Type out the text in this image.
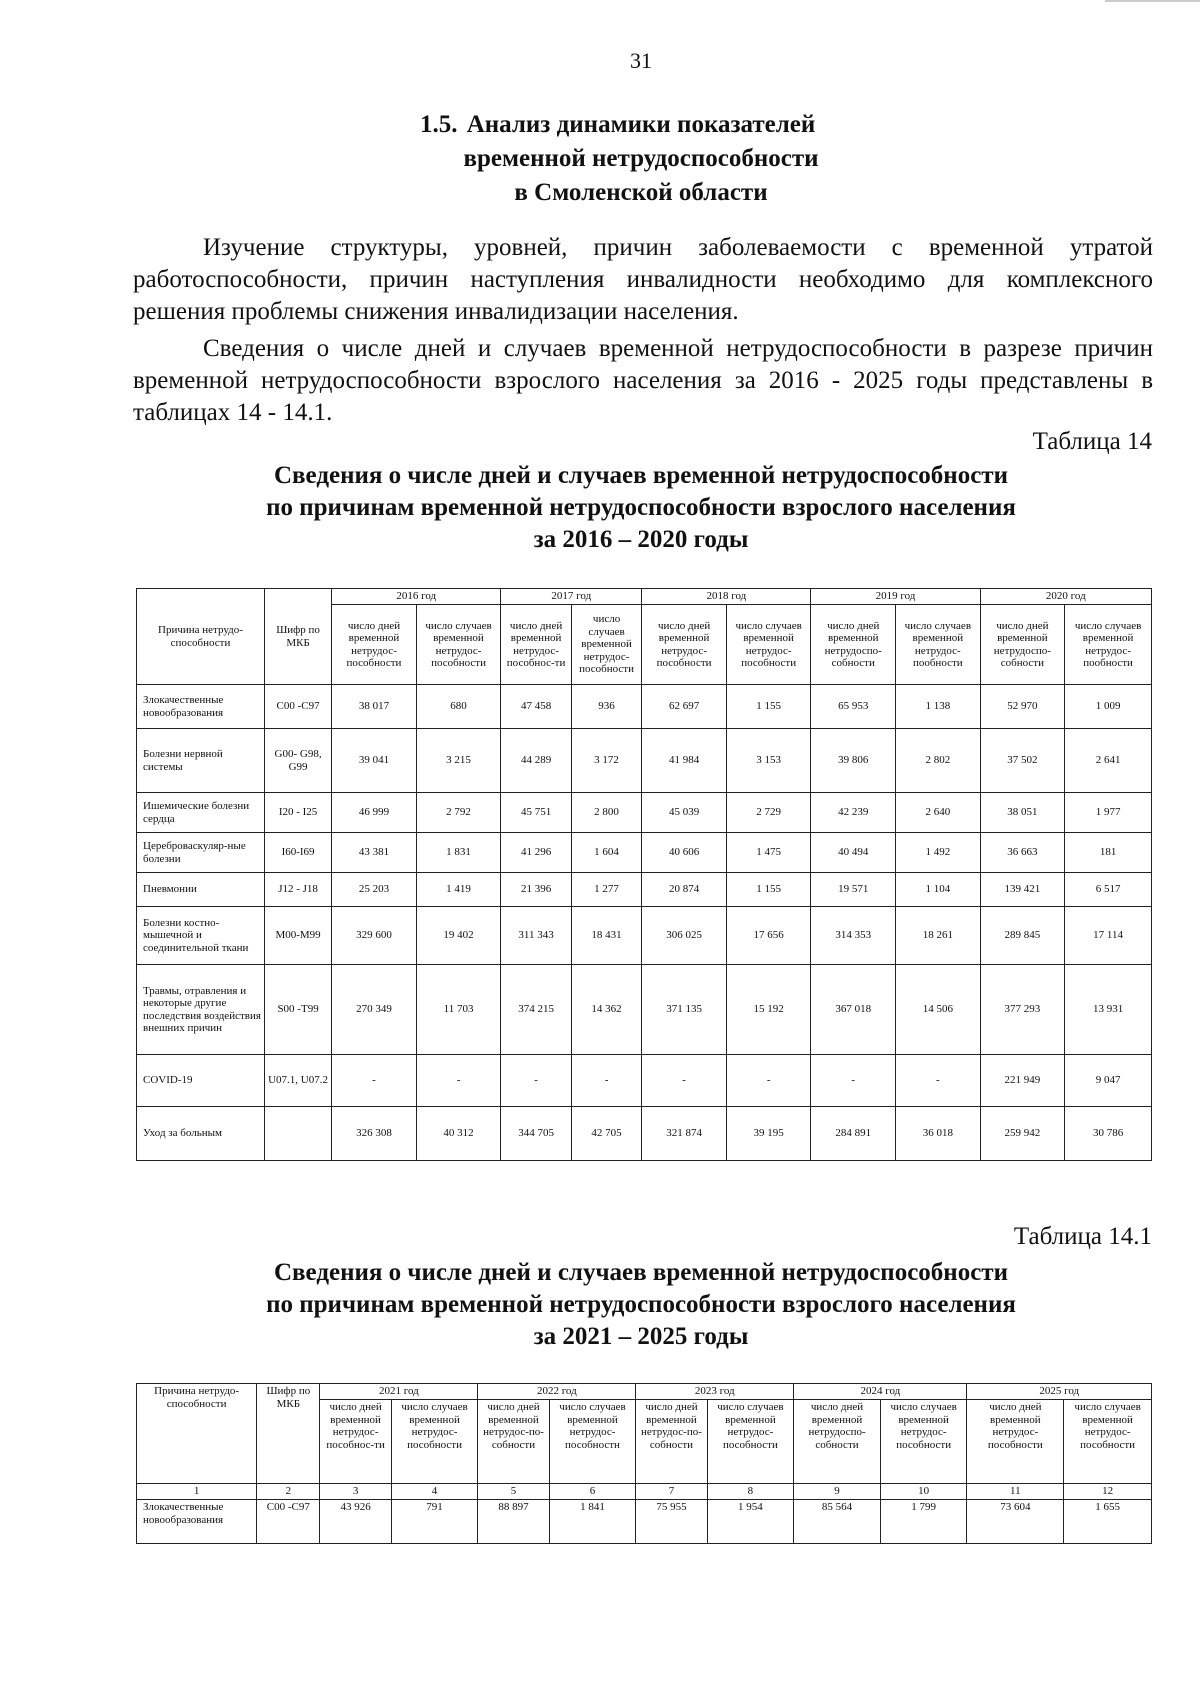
31
1.5. Анализ динамики показателей
временной нетрудоспособности
в Смоленской области

Изучение структуры, уровней, причин заболеваемости с временной утратой работоспособности, причин наступления инвалидности необходимо для комплексного решения проблемы снижения инвалидизации населения.

Сведения о числе дней и случаев временной нетрудоспособности в разрезе причин временной нетрудоспособности взрослого населения за 2016 - 2025 годы представлены в таблицах 14 - 14.1.

Таблица 14
Сведения о числе дней и случаев временной нетрудоспособности
по причинам временной нетрудоспособности взрослого населения
за 2016 – 2020 годы
Причина нетрудо-способности	Шифр по МКБ	2016 год		2017 год		2018 год		2019 год		2020 год	
		число дней временной нетрудос-пособности	число случаев временной нетрудос-пособности	число дней временной нетрудос-пособнос-ти	число случаев временной нетрудос-пособности	число дней временной нетрудос-пособности	число случаев временной нетрудос-пособности	число дней временной нетрудоспо-собности	число случаев временной нетрудос-пообности	число дней временной нетрудоспо-собности	число случаев временной нетрудос-пообности
Злокачественные новообразования	С00 -С97	38 017	680	47 458	936	62 697	1 155	65 953	1 138	52 970	1 009
Болезни нервной системы	G00- G98, G99	39 041	3 215	44 289	3 172	41 984	3 153	39 806	2 802	37 502	2 641
Ишемические болезни сердца	I20 - I25	46 999	2 792	45 751	2 800	45 039	2 729	42 239	2 640	38 051	1 977
Цереброваскуляр-ные болезни	I60-I69	43 381	1 831	41 296	1 604	40 606	1 475	40 494	1 492	36 663	181
Пневмонии	J12 - J18	25 203	1 419	21 396	1 277	20 874	1 155	19 571	1 104	139 421	6 517
Болезни костно-мышечной и соединительной ткани	М00-М99	329 600	19 402	311 343	18 431	306 025	17 656	314 353	18 261	289 845	17 114
Травмы, отравления и некоторые другие последствия воздействия внешних причин	S00 -T99	270 349	11 703	374 215	14 362	371 135	15 192	367 018	14 506	377 293	13 931
COVID-19	U07.1, U07.2	-	-	-	-	-	-	-	-	221 949	9 047
Уход за больным		326 308	40 312	344 705	42 705	321 874	39 195	284 891	36 018	259 942	30 786
Таблица 14.1
Сведения о числе дней и случаев временной нетрудоспособности
по причинам временной нетрудоспособности взрослого населения
за 2021 – 2025 годы
Причина нетрудо-способности	Шифр по МКБ	2021 год		2022 год		2023 год		2024 год		2025 год	
		число дней временной нетрудос-пособнос-ти	число случаев временной нетрудос-пособности	число дней временной нетрудос-по-собности	число случаев временной нетрудос-пособностн	число дней временной нетрудос-по-собности	число случаев временной нетрудос-пособности	число дней временной нетрудоспо-собности	число случаев временной нетрудос-пособности	число дней временной нетрудос-пособности	число случаев временной нетрудос-пособности
1	2	3	4	5	6	7	8	9	10	11	12
Злокачественные новообразования	С00 -С97	43 926	791	88 897	1 841	75 955	1 954	85 564	1 799	73 604	1 655
